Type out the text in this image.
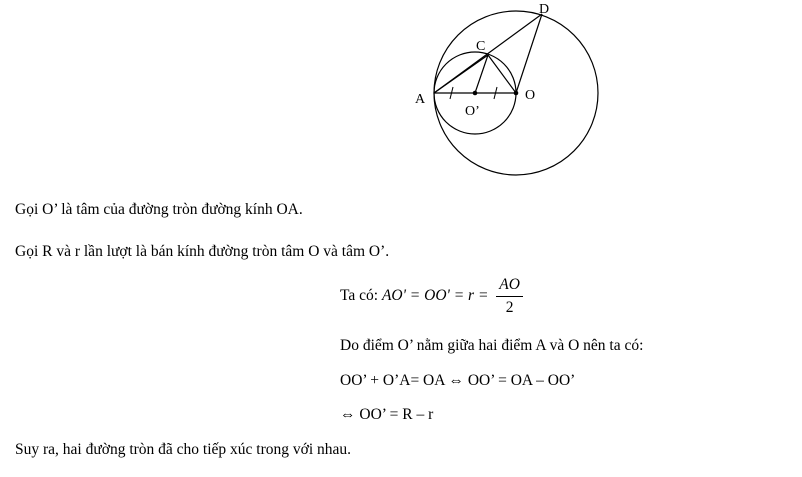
A	O
O’
C
D
Gọi O’ là tâm của đường tròn đường kính OA.
Gọi R và r lần lượt là bán kính đường tròn tâm O và tâm O’.
Ta có: $AO' = OO' = r = \frac{AO}{2}$
Do điểm O’ nằm giữa hai điểm A và O nên ta có:
OO’ + O’A= OA ⇔ OO’ = OA – OO’
⇔ OO’ = R – r
Suy ra, hai đường tròn đã cho tiếp xúc trong với nhau.
